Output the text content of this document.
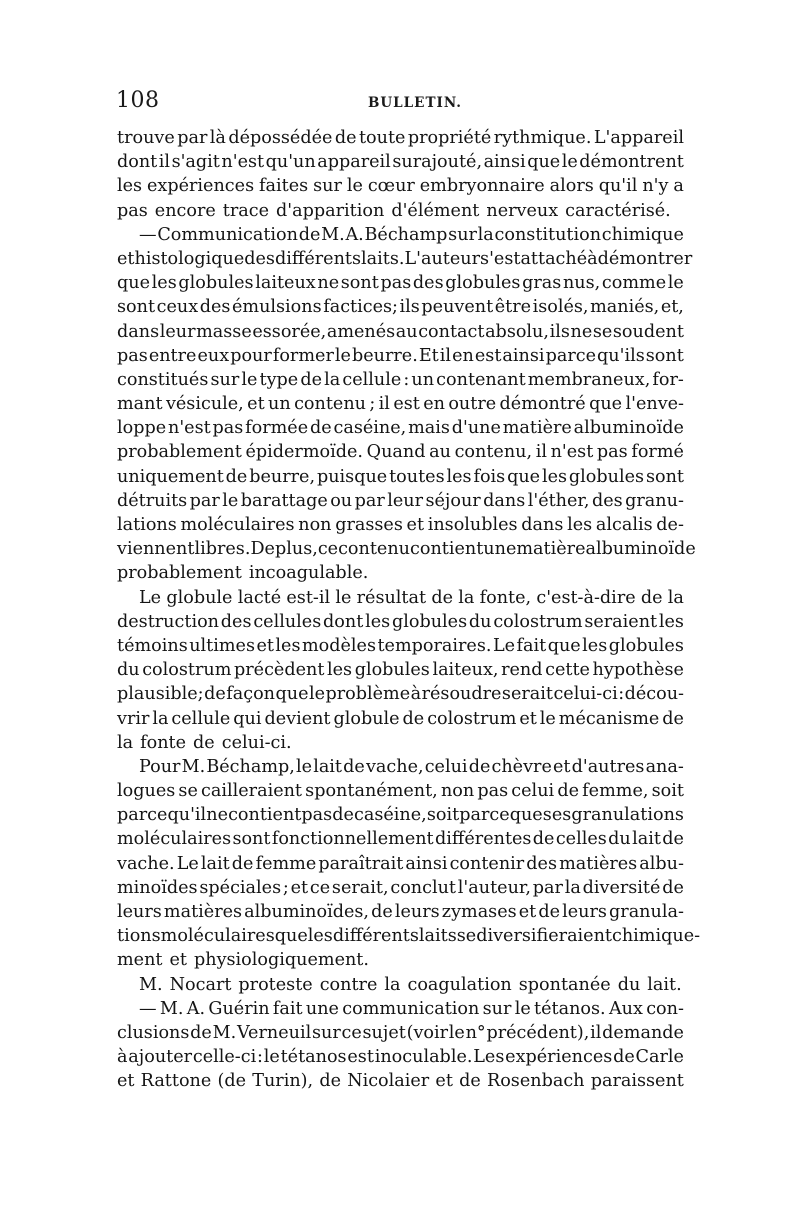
108	BULLETIN.
trouve par là dépossédée de toute propriété rythmique. L'appareil
dont il s'agit n'est qu'un appareil surajouté, ainsi que le démontrent
les expériences faites sur le cœur embryonnaire alors qu'il n'y a
pas encore trace d'apparition d'élément nerveux caractérisé.
— Communication de M. A. Béchamp sur la constitution chimique
et histologique des différents laits. L'auteur s'est attaché à démontrer
que les globules laiteux ne sont pas des globules gras nus, comme le
sont ceux des émulsions factices; ils peuvent être isolés, maniés, et,
dans leur masse essorée, amenés au contact absolu, ils ne se soudent
pas entre eux pour former le beurre. Et il en est ainsi parce qu'ils sont
constitués sur le type de la cellule : un contenant membraneux, for-
mant vésicule, et un contenu ; il est en outre démontré que l'enve-
loppe n'est pas formée de caséine, mais d'une matière albuminoïde
probablement épidermoïde. Quand au contenu, il n'est pas formé
uniquement de beurre, puisque toutes les fois que les globules sont
détruits par le barattage ou par leur séjour dans l'éther, des granu-
lations moléculaires non grasses et insolubles dans les alcalis de-
viennent libres. De plus, ce contenu contient une matière albuminoïde
probablement incoagulable.
Le globule lacté est-il le résultat de la fonte, c'est-à-dire de la
destruction des cellules dont les globules du colostrum seraient les
témoins ultimes et les modèles temporaires. Le fait que les globules
du colostrum précèdent les globules laiteux, rend cette hypothèse
plausible; de façon que le problème à résoudre serait celui-ci : décou-
vrir la cellule qui devient globule de colostrum et le mécanisme de
la fonte de celui-ci.
Pour M. Béchamp, le lait de vache, celui de chèvre et d'autres ana-
logues se cailleraient spontanément, non pas celui de femme, soit
parce qu'il ne contient pas de caséine, soit parce que ses granulations
moléculaires sont fonctionnellement différentes de celles du lait de
vache. Le lait de femme paraîtrait ainsi contenir des matières albu-
minoïdes spéciales ; et ce serait, conclut l'auteur, par la diversité de
leurs matières albuminoïdes, de leurs zymases et de leurs granula-
tions moléculaires que les différents laits se diversifieraient chimique-
ment et physiologiquement.
M. Nocart proteste contre la coagulation spontanée du lait.
— M. A. Guérin fait une communication sur le tétanos. Aux con-
clusions de M. Verneuil sur ce sujet (voir le n° précédent), il demande
à ajouter celle-ci : le tétanos est inoculable. Les expériences de Carle
et Rattone (de Turin), de Nicolaier et de Rosenbach paraissent
